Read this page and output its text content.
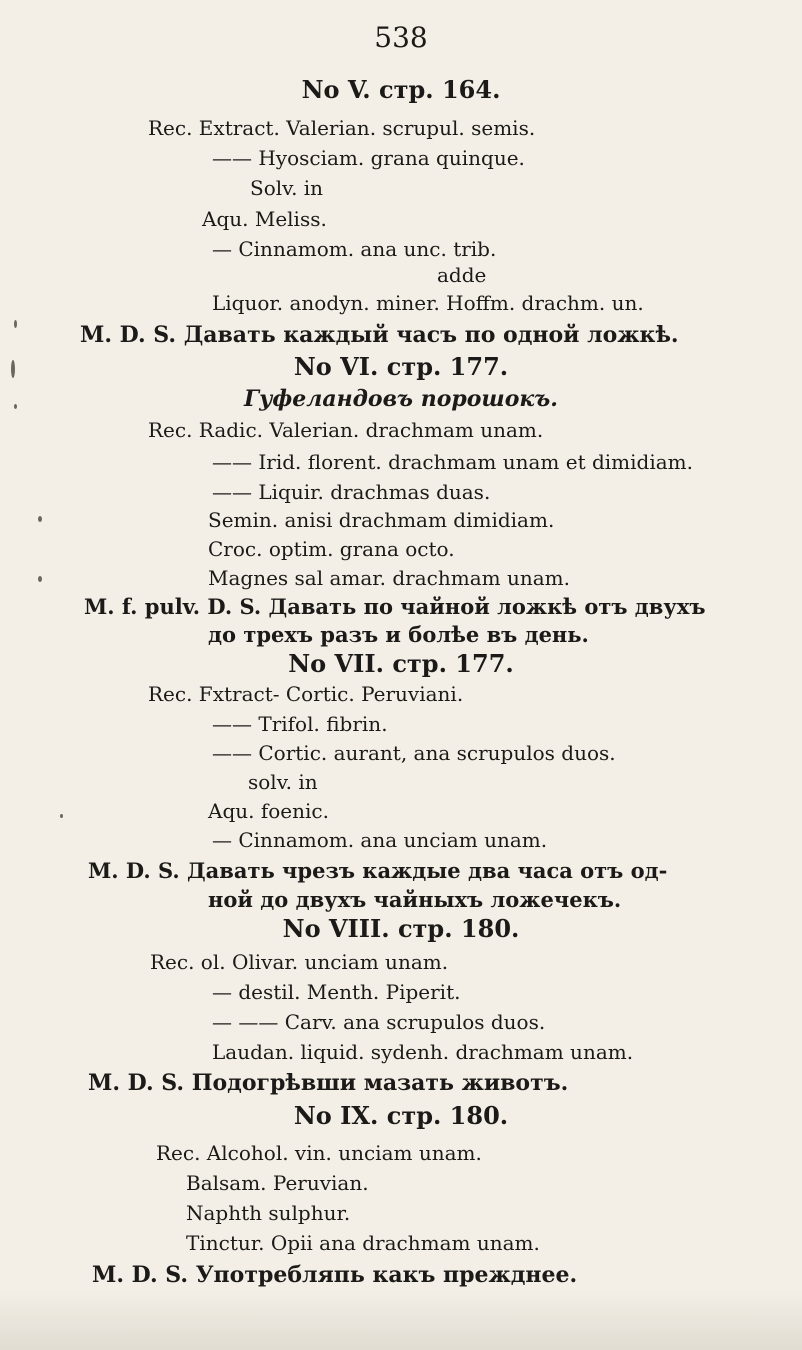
538
No V. стр. 164.
Rec. Extract. Valerian. scrupul. semis.
—— Hyosciam. grana quinque.
Solv. in
Aqu. Meliss.
— Cinnamom. ana unc. trib.
adde
Liquor. anodyn. miner. Hoffm. drachm. un.
M. D. S. Давать каждый часъ по одной ложкѣ.
No VI. стр. 177.
Гуфеландовъ порошокъ.
Rec. Radic. Valerian. drachmam unam.
—— Irid. florent. drachmam unam et dimidiam.
—— Liquir. drachmas duas.
Semin. anisi drachmam dimidiam.
Croc. optim. grana octo.
Magnes sal amar. drachmam unam.
M. f. pulv. D. S. Давать по чайной ложкѣ отъ двухъ
до трехъ разъ и болѣе въ день.
No VII. стр. 177.
Rec. Fxtract- Cortic. Peruviani.
—— Trifol. fibrin.
—— Cortic. aurant, ana scrupulos duos.
solv. in
Aqu. foenic.
— Cinnamom. ana unciam unam.
M. D. S. Давать чрезъ каждые два часа отъ од-
ной до двухъ чайныхъ ложечекъ.
No VIII. стр. 180.
Rec. ol. Olivar. unciam unam.
— destil. Menth. Piperit.
— —— Carv. ana scrupulos duos.
Laudan. liquid. sydenh. drachmam unam.
M. D. S. Подогрѣвши мазать животъ.
No IX. стр. 180.
Rec. Alcohol. vin. unciam unam.
Balsam. Peruvian.
Naphth sulphur.
Tinctur. Opii ana drachmam unam.
M. D. S. Употребляпь какъ прежднее.
